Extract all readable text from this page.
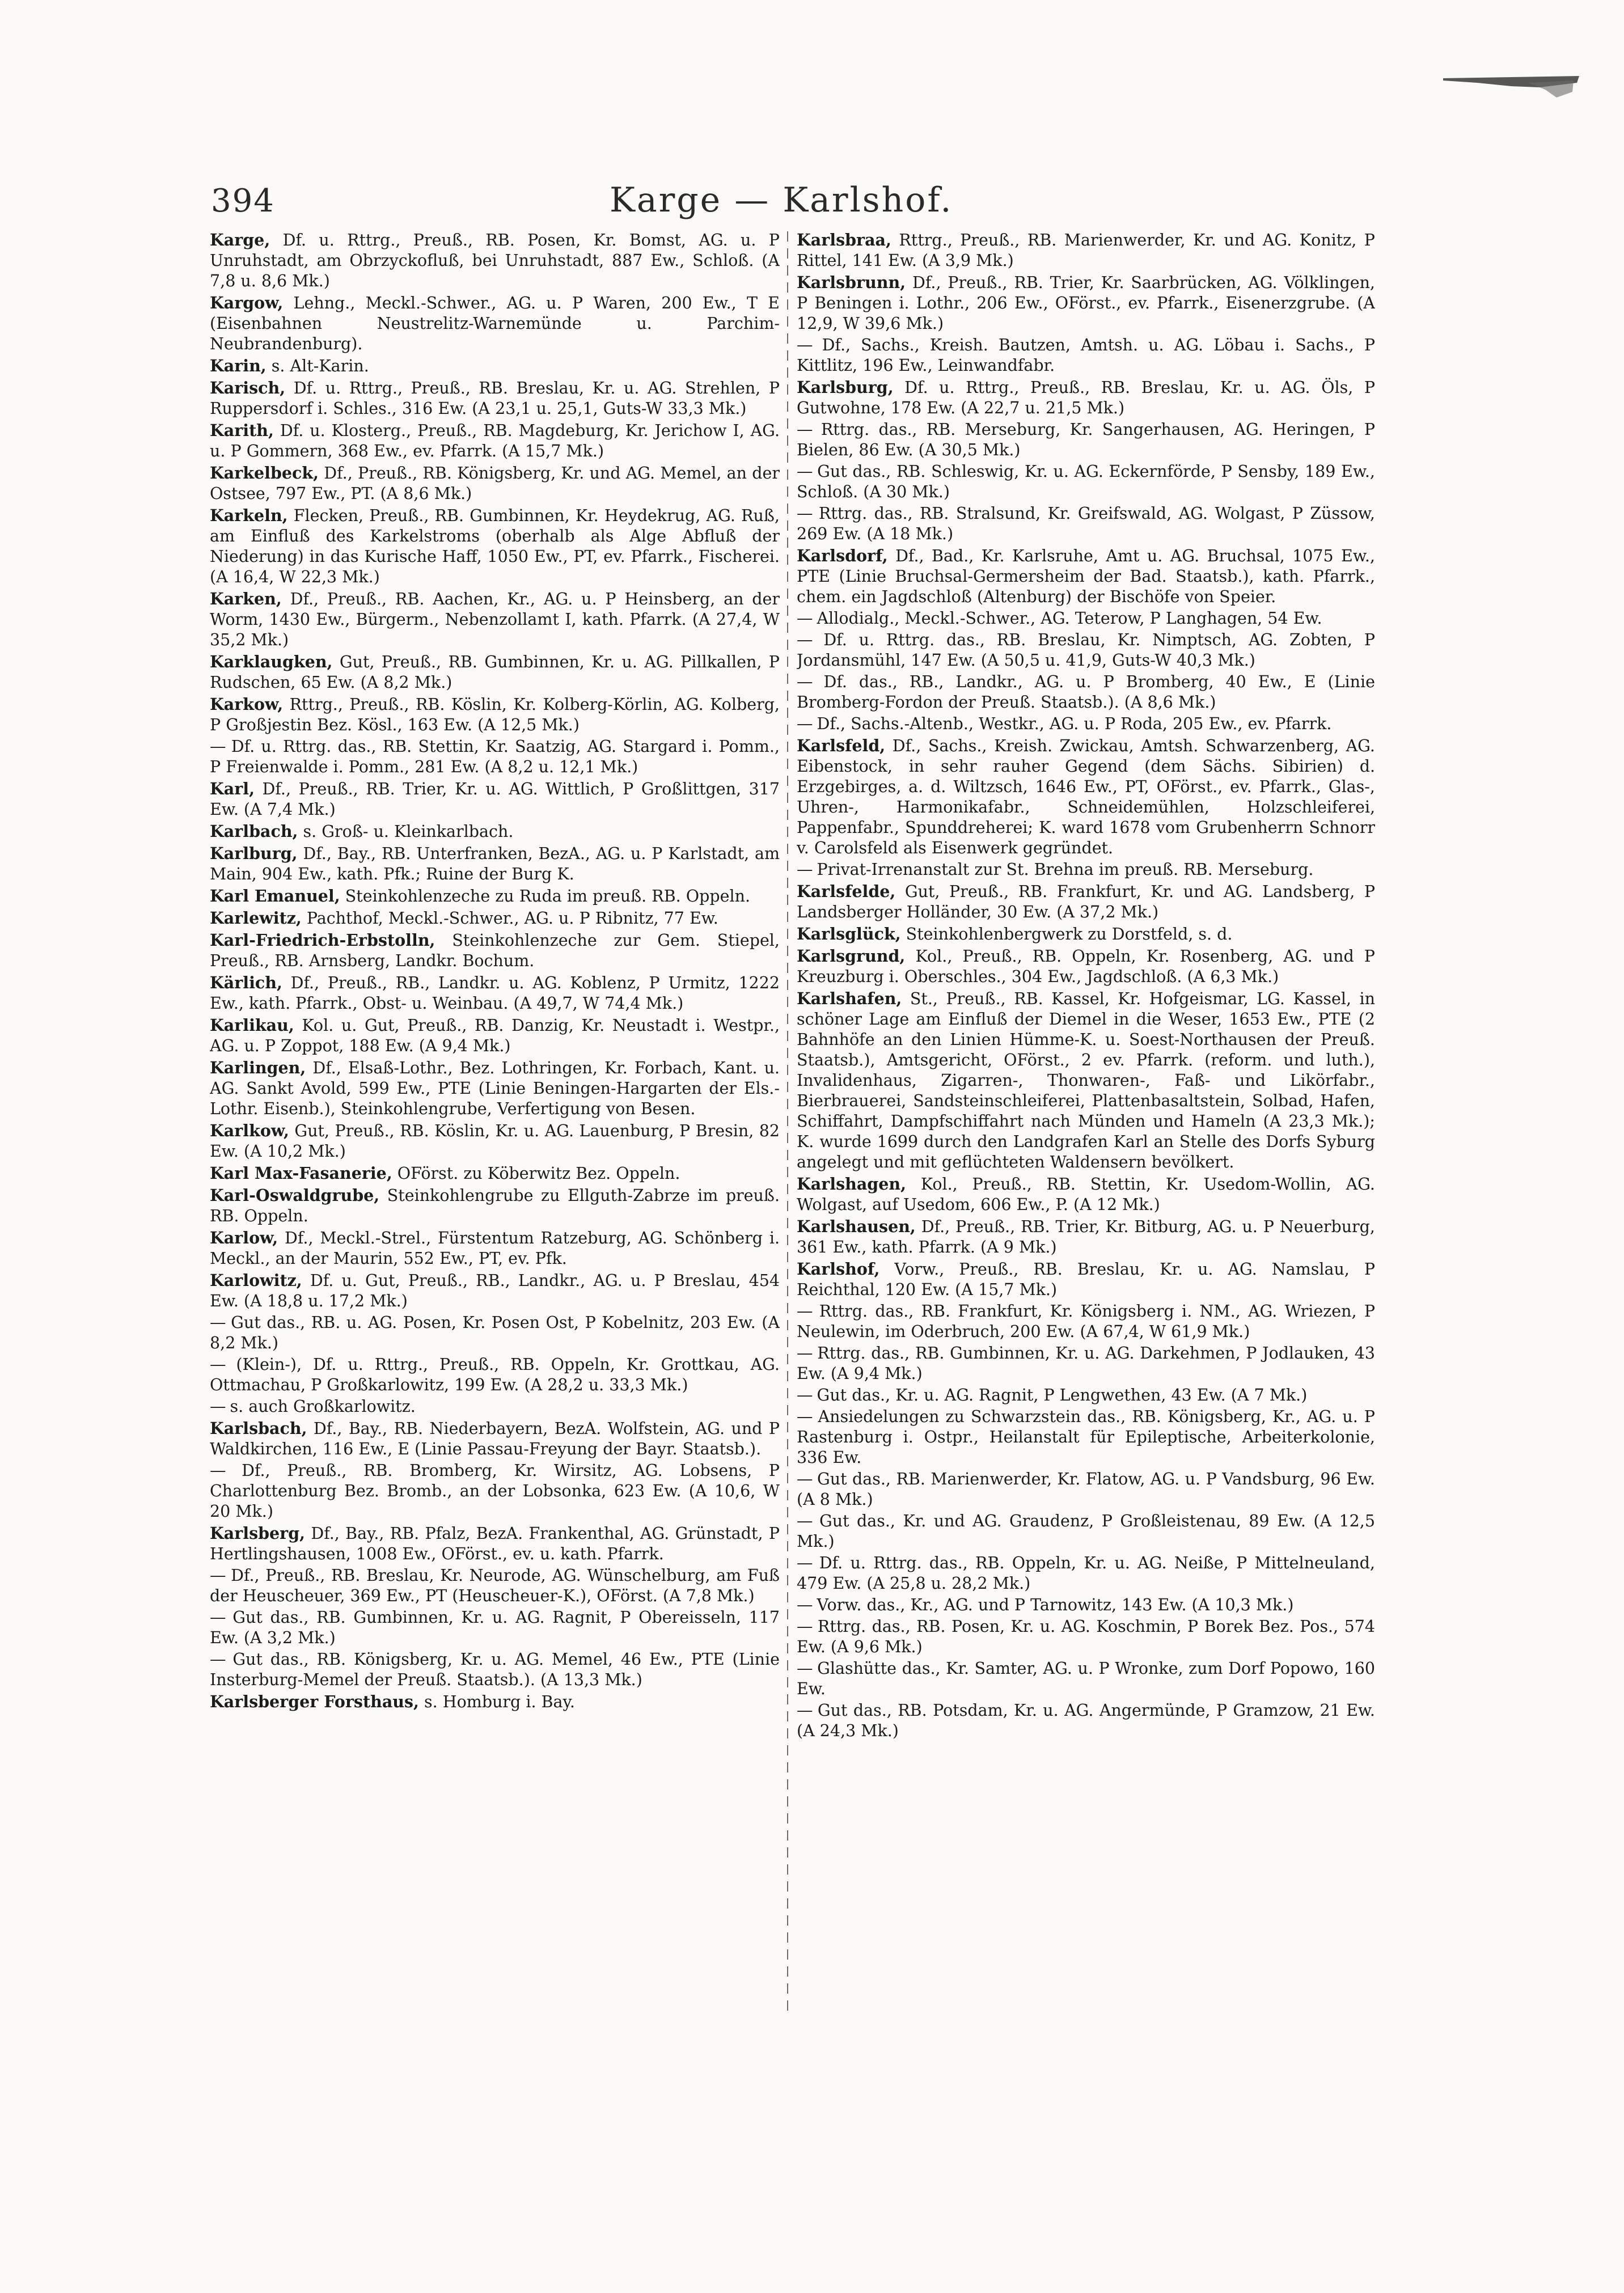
394	Karge — Karlshof.

Karge, Df. u. Rttrg., Preuß., RB. Posen, Kr. Bomst, AG. u. P Unruhstadt, am Obrzyckofluß, bei Unruhstadt, 887 Ew., Schloß. (A 7,8 u. 8,6 Mk.)

Kargow, Lehng., Meckl.-Schwer., AG. u. P Waren, 200 Ew., T E (Eisenbahnen Neustrelitz-Warnemünde u. Parchim-Neubrandenburg).

Karin, s. Alt-Karin.

Karisch, Df. u. Rttrg., Preuß., RB. Breslau, Kr. u. AG. Strehlen, P Ruppersdorf i. Schles., 316 Ew. (A 23,1 u. 25,1, Guts-W 33,3 Mk.)

Karith, Df. u. Klosterg., Preuß., RB. Magdeburg, Kr. Jerichow I, AG. u. P Gommern, 368 Ew., ev. Pfarrk. (A 15,7 Mk.)

Karkelbeck, Df., Preuß., RB. Königsberg, Kr. und AG. Memel, an der Ostsee, 797 Ew., PT. (A 8,6 Mk.)

Karkeln, Flecken, Preuß., RB. Gumbinnen, Kr. Heydekrug, AG. Ruß, am Einfluß des Karkelstroms (oberhalb als Alge Abfluß der Niederung) in das Kurische Haff, 1050 Ew., PT, ev. Pfarrk., Fischerei. (A 16,4, W 22,3 Mk.)

Karken, Df., Preuß., RB. Aachen, Kr., AG. u. P Heinsberg, an der Worm, 1430 Ew., Bürgerm., Nebenzollamt I, kath. Pfarrk. (A 27,4, W 35,2 Mk.)

Karklaugken, Gut, Preuß., RB. Gumbinnen, Kr. u. AG. Pillkallen, P Rudschen, 65 Ew. (A 8,2 Mk.)

Karkow, Rttrg., Preuß., RB. Köslin, Kr. Kolberg-Körlin, AG. Kolberg, P Großjestin Bez. Kösl., 163 Ew. (A 12,5 Mk.)

— Df. u. Rttrg. das., RB. Stettin, Kr. Saatzig, AG. Stargard i. Pomm., P Freienwalde i. Pomm., 281 Ew. (A 8,2 u. 12,1 Mk.)

Karl, Df., Preuß., RB. Trier, Kr. u. AG. Wittlich, P Großlittgen, 317 Ew. (A 7,4 Mk.)

Karlbach, s. Groß- u. Kleinkarlbach.

Karlburg, Df., Bay., RB. Unterfranken, BezA., AG. u. P Karlstadt, am Main, 904 Ew., kath. Pfk.; Ruine der Burg K.

Karl Emanuel, Steinkohlenzeche zu Ruda im preuß. RB. Oppeln.

Karlewitz, Pachthof, Meckl.-Schwer., AG. u. P Ribnitz, 77 Ew.

Karl-Friedrich-Erbstolln, Steinkohlenzeche zur Gem. Stiepel, Preuß., RB. Arnsberg, Landkr. Bochum.

Kärlich, Df., Preuß., RB., Landkr. u. AG. Koblenz, P Urmitz, 1222 Ew., kath. Pfarrk., Obst- u. Weinbau. (A 49,7, W 74,4 Mk.)

Karlikau, Kol. u. Gut, Preuß., RB. Danzig, Kr. Neustadt i. Westpr., AG. u. P Zoppot, 188 Ew. (A 9,4 Mk.)

Karlingen, Df., Elsaß-Lothr., Bez. Lothringen, Kr. Forbach, Kant. u. AG. Sankt Avold, 599 Ew., PTE (Linie Beningen-Hargarten der Els.-Lothr. Eisenb.), Steinkohlengrube, Verfertigung von Besen.

Karlkow, Gut, Preuß., RB. Köslin, Kr. u. AG. Lauenburg, P Bresin, 82 Ew. (A 10,2 Mk.)

Karl Max-Fasanerie, OFörst. zu Köberwitz Bez. Oppeln.

Karl-Oswaldgrube, Steinkohlengrube zu Ellguth-Zabrze im preuß. RB. Oppeln.

Karlow, Df., Meckl.-Strel., Fürstentum Ratzeburg, AG. Schönberg i. Meckl., an der Maurin, 552 Ew., PT, ev. Pfk.

Karlowitz, Df. u. Gut, Preuß., RB., Landkr., AG. u. P Breslau, 454 Ew. (A 18,8 u. 17,2 Mk.)

— Gut das., RB. u. AG. Posen, Kr. Posen Ost, P Kobelnitz, 203 Ew. (A 8,2 Mk.)

— (Klein-), Df. u. Rttrg., Preuß., RB. Oppeln, Kr. Grottkau, AG. Ottmachau, P Großkarlowitz, 199 Ew. (A 28,2 u. 33,3 Mk.)

— s. auch Großkarlowitz.

Karlsbach, Df., Bay., RB. Niederbayern, BezA. Wolfstein, AG. und P Waldkirchen, 116 Ew., E (Linie Passau-Freyung der Bayr. Staatsb.).

— Df., Preuß., RB. Bromberg, Kr. Wirsitz, AG. Lobsens, P Charlottenburg Bez. Bromb., an der Lobsonka, 623 Ew. (A 10,6, W 20 Mk.)

Karlsberg, Df., Bay., RB. Pfalz, BezA. Frankenthal, AG. Grünstadt, P Hertlingshausen, 1008 Ew., OFörst., ev. u. kath. Pfarrk.

— Df., Preuß., RB. Breslau, Kr. Neurode, AG. Wünschelburg, am Fuß der Heuscheuer, 369 Ew., PT (Heuscheuer-K.), OFörst. (A 7,8 Mk.)

— Gut das., RB. Gumbinnen, Kr. u. AG. Ragnit, P Obereisseln, 117 Ew. (A 3,2 Mk.)

— Gut das., RB. Königsberg, Kr. u. AG. Memel, 46 Ew., PTE (Linie Insterburg-Memel der Preuß. Staatsb.). (A 13,3 Mk.)

Karlsberger Forsthaus, s. Homburg i. Bay.

Karlsbraa, Rttrg., Preuß., RB. Marienwerder, Kr. und AG. Konitz, P Rittel, 141 Ew. (A 3,9 Mk.)

Karlsbrunn, Df., Preuß., RB. Trier, Kr. Saarbrücken, AG. Völklingen, P Beningen i. Lothr., 206 Ew., OFörst., ev. Pfarrk., Eisenerzgrube. (A 12,9, W 39,6 Mk.)

— Df., Sachs., Kreish. Bautzen, Amtsh. u. AG. Löbau i. Sachs., P Kittlitz, 196 Ew., Leinwandfabr.

Karlsburg, Df. u. Rttrg., Preuß., RB. Breslau, Kr. u. AG. Öls, P Gutwohne, 178 Ew. (A 22,7 u. 21,5 Mk.)

— Rttrg. das., RB. Merseburg, Kr. Sangerhausen, AG. Heringen, P Bielen, 86 Ew. (A 30,5 Mk.)

— Gut das., RB. Schleswig, Kr. u. AG. Eckernförde, P Sensby, 189 Ew., Schloß. (A 30 Mk.)

— Rttrg. das., RB. Stralsund, Kr. Greifswald, AG. Wolgast, P Züssow, 269 Ew. (A 18 Mk.)

Karlsdorf, Df., Bad., Kr. Karlsruhe, Amt u. AG. Bruchsal, 1075 Ew., PTE (Linie Bruchsal-Germersheim der Bad. Staatsb.), kath. Pfarrk., chem. ein Jagdschloß (Altenburg) der Bischöfe von Speier.

— Allodialg., Meckl.-Schwer., AG. Teterow, P Langhagen, 54 Ew.

— Df. u. Rttrg. das., RB. Breslau, Kr. Nimptsch, AG. Zobten, P Jordansmühl, 147 Ew. (A 50,5 u. 41,9, Guts-W 40,3 Mk.)

— Df. das., RB., Landkr., AG. u. P Bromberg, 40 Ew., E (Linie Bromberg-Fordon der Preuß. Staatsb.). (A 8,6 Mk.)

— Df., Sachs.-Altenb., Westkr., AG. u. P Roda, 205 Ew., ev. Pfarrk.

Karlsfeld, Df., Sachs., Kreish. Zwickau, Amtsh. Schwarzenberg, AG. Eibenstock, in sehr rauher Gegend (dem Sächs. Sibirien) d. Erzgebirges, a. d. Wiltzsch, 1646 Ew., PT, OFörst., ev. Pfarrk., Glas-, Uhren-, Harmonikafabr., Schneidemühlen, Holzschleiferei, Pappenfabr., Spunddreherei; K. ward 1678 vom Grubenherrn Schnorr v. Carolsfeld als Eisenwerk gegründet.

— Privat-Irrenanstalt zur St. Brehna im preuß. RB. Merseburg.

Karlsfelde, Gut, Preuß., RB. Frankfurt, Kr. und AG. Landsberg, P Landsberger Holländer, 30 Ew. (A 37,2 Mk.)

Karlsglück, Steinkohlenbergwerk zu Dorstfeld, s. d.

Karlsgrund, Kol., Preuß., RB. Oppeln, Kr. Rosenberg, AG. und P Kreuzburg i. Oberschles., 304 Ew., Jagdschloß. (A 6,3 Mk.)

Karlshafen, St., Preuß., RB. Kassel, Kr. Hofgeismar, LG. Kassel, in schöner Lage am Einfluß der Diemel in die Weser, 1653 Ew., PTE (2 Bahnhöfe an den Linien Hümme-K. u. Soest-Northausen der Preuß. Staatsb.), Amtsgericht, OFörst., 2 ev. Pfarrk. (reform. und luth.), Invalidenhaus, Zigarren-, Thonwaren-, Faß- und Likörfabr., Bierbrauerei, Sandsteinschleiferei, Plattenbasaltstein, Solbad, Hafen, Schiffahrt, Dampfschiffahrt nach Münden und Hameln (A 23,3 Mk.); K. wurde 1699 durch den Landgrafen Karl an Stelle des Dorfs Syburg angelegt und mit geflüchteten Waldensern bevölkert.

Karlshagen, Kol., Preuß., RB. Stettin, Kr. Usedom-Wollin, AG. Wolgast, auf Usedom, 606 Ew., P. (A 12 Mk.)

Karlshausen, Df., Preuß., RB. Trier, Kr. Bitburg, AG. u. P Neuerburg, 361 Ew., kath. Pfarrk. (A 9 Mk.)

Karlshof, Vorw., Preuß., RB. Breslau, Kr. u. AG. Namslau, P Reichthal, 120 Ew. (A 15,7 Mk.)

— Rttrg. das., RB. Frankfurt, Kr. Königsberg i. NM., AG. Wriezen, P Neulewin, im Oderbruch, 200 Ew. (A 67,4, W 61,9 Mk.)

— Rttrg. das., RB. Gumbinnen, Kr. u. AG. Darkehmen, P Jodlauken, 43 Ew. (A 9,4 Mk.)

— Gut das., Kr. u. AG. Ragnit, P Lengwethen, 43 Ew. (A 7 Mk.)

— Ansiedelungen zu Schwarzstein das., RB. Königsberg, Kr., AG. u. P Rastenburg i. Ostpr., Heilanstalt für Epileptische, Arbeiterkolonie, 336 Ew.

— Gut das., RB. Marienwerder, Kr. Flatow, AG. u. P Vandsburg, 96 Ew. (A 8 Mk.)

— Gut das., Kr. und AG. Graudenz, P Großleistenau, 89 Ew. (A 12,5 Mk.)

— Df. u. Rttrg. das., RB. Oppeln, Kr. u. AG. Neiße, P Mittelneuland, 479 Ew. (A 25,8 u. 28,2 Mk.)

— Vorw. das., Kr., AG. und P Tarnowitz, 143 Ew. (A 10,3 Mk.)

— Rttrg. das., RB. Posen, Kr. u. AG. Koschmin, P Borek Bez. Pos., 574 Ew. (A 9,6 Mk.)

— Glashütte das., Kr. Samter, AG. u. P Wronke, zum Dorf Popowo, 160 Ew.

— Gut das., RB. Potsdam, Kr. u. AG. Angermünde, P Gramzow, 21 Ew. (A 24,3 Mk.)
